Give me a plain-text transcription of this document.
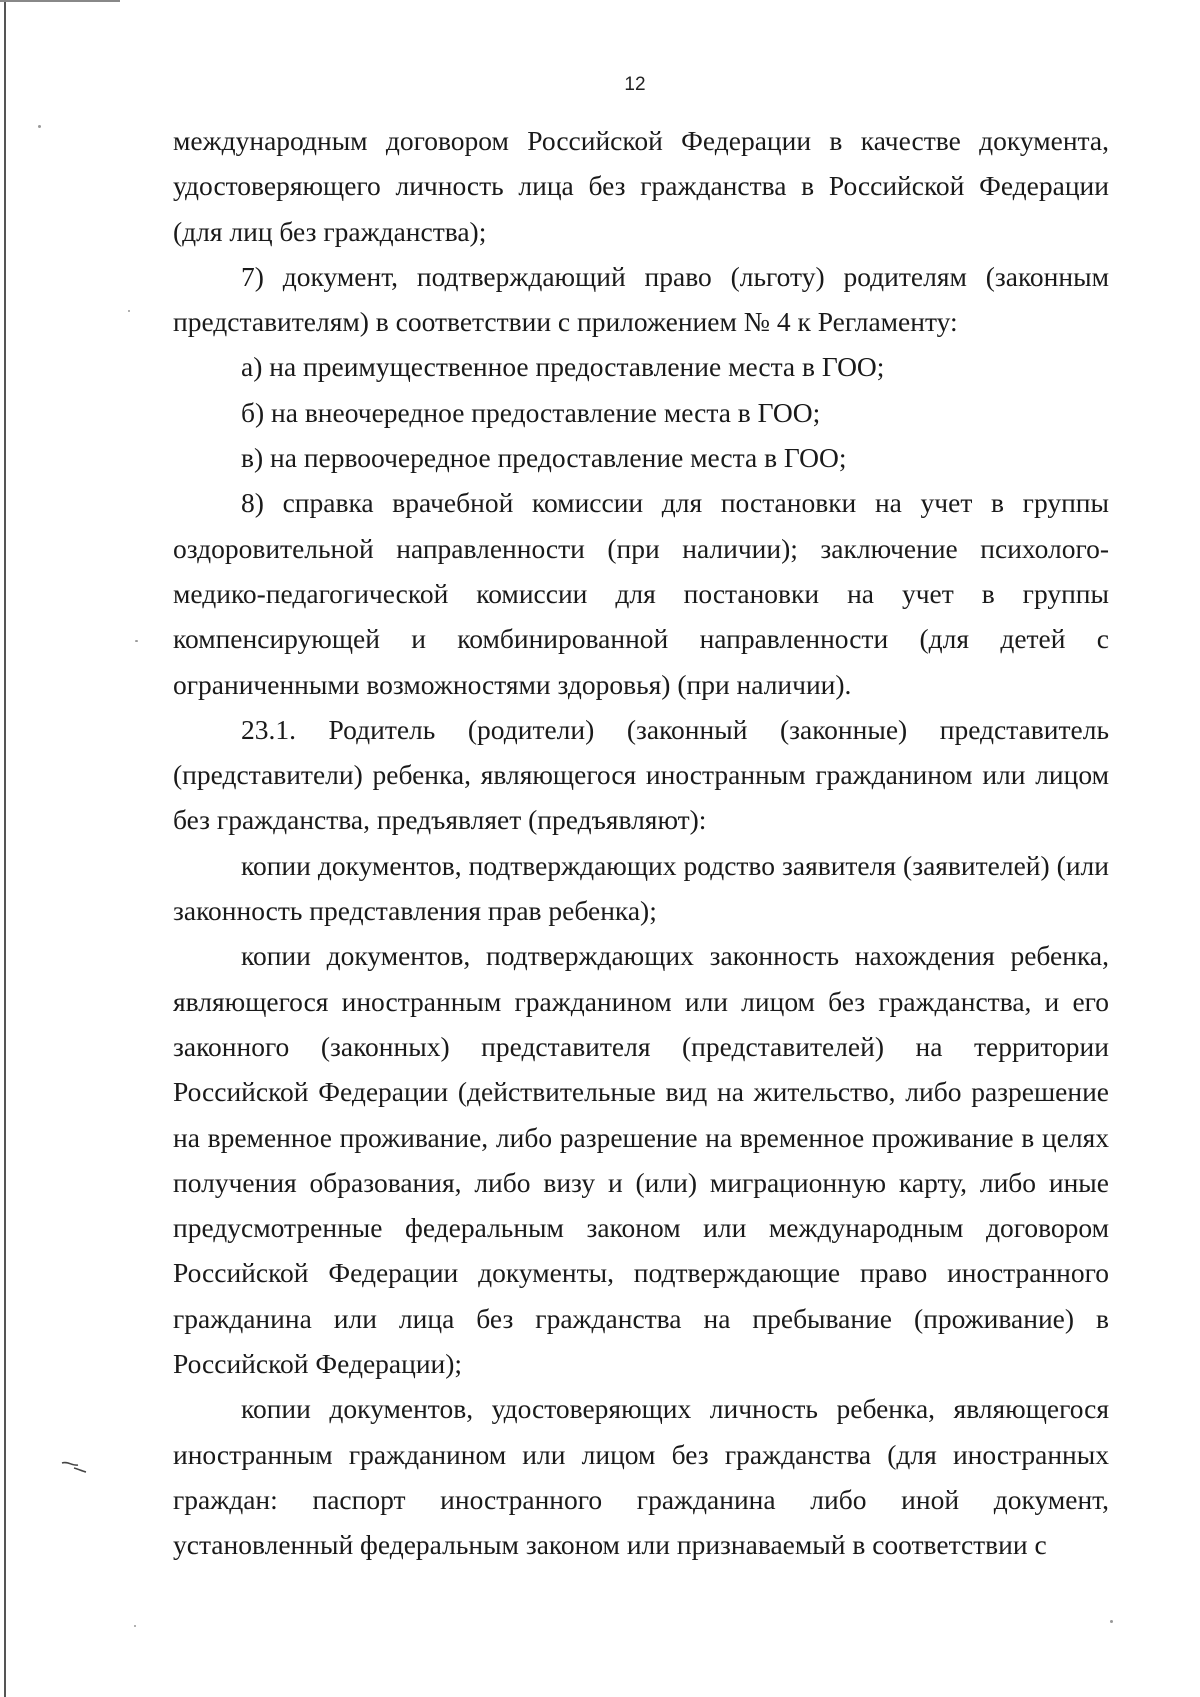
12

международным договором Российской Федерации в качестве документа, удостоверяющего личность лица без гражданства в Российской Федерации (для лиц без гражданства);

7) документ, подтверждающий право (льготу) родителям (законным представителям) в соответствии с приложением № 4 к Регламенту:

а) на преимущественное предоставление места в ГОО;

б) на внеочередное предоставление места в ГОО;

в) на первоочередное предоставление места в ГОО;

8) справка врачебной комиссии для постановки на учет в группы оздоровительной направленности (при наличии); заключение психолого-медико-педагогической комиссии для постановки на учет в группы компенсирующей и комбинированной направленности (для детей с ограниченными возможностями здоровья) (при наличии).

23.1. Родитель (родители) (законный (законные) представитель (представители) ребенка, являющегося иностранным гражданином или лицом без гражданства, предъявляет (предъявляют):

копии документов, подтверждающих родство заявителя (заявителей) (или законность представления прав ребенка);

копии документов, подтверждающих законность нахождения ребенка, являющегося иностранным гражданином или лицом без гражданства, и его законного (законных) представителя (представителей) на территории Российской Федерации (действительные вид на жительство, либо разрешение на временное проживание, либо разрешение на временное проживание в целях получения образования, либо визу и (или) миграционную карту, либо иные предусмотренные федеральным законом или международным договором Российской Федерации документы, подтверждающие право иностранного гражданина или лица без гражданства на пребывание (проживание) в Российской Федерации);

копии документов, удостоверяющих личность ребенка, являющегося иностранным гражданином или лицом без гражданства (для иностранных граждан: паспорт иностранного гражданина либо иной документ, установленный федеральным законом или признаваемый в соответствии с
